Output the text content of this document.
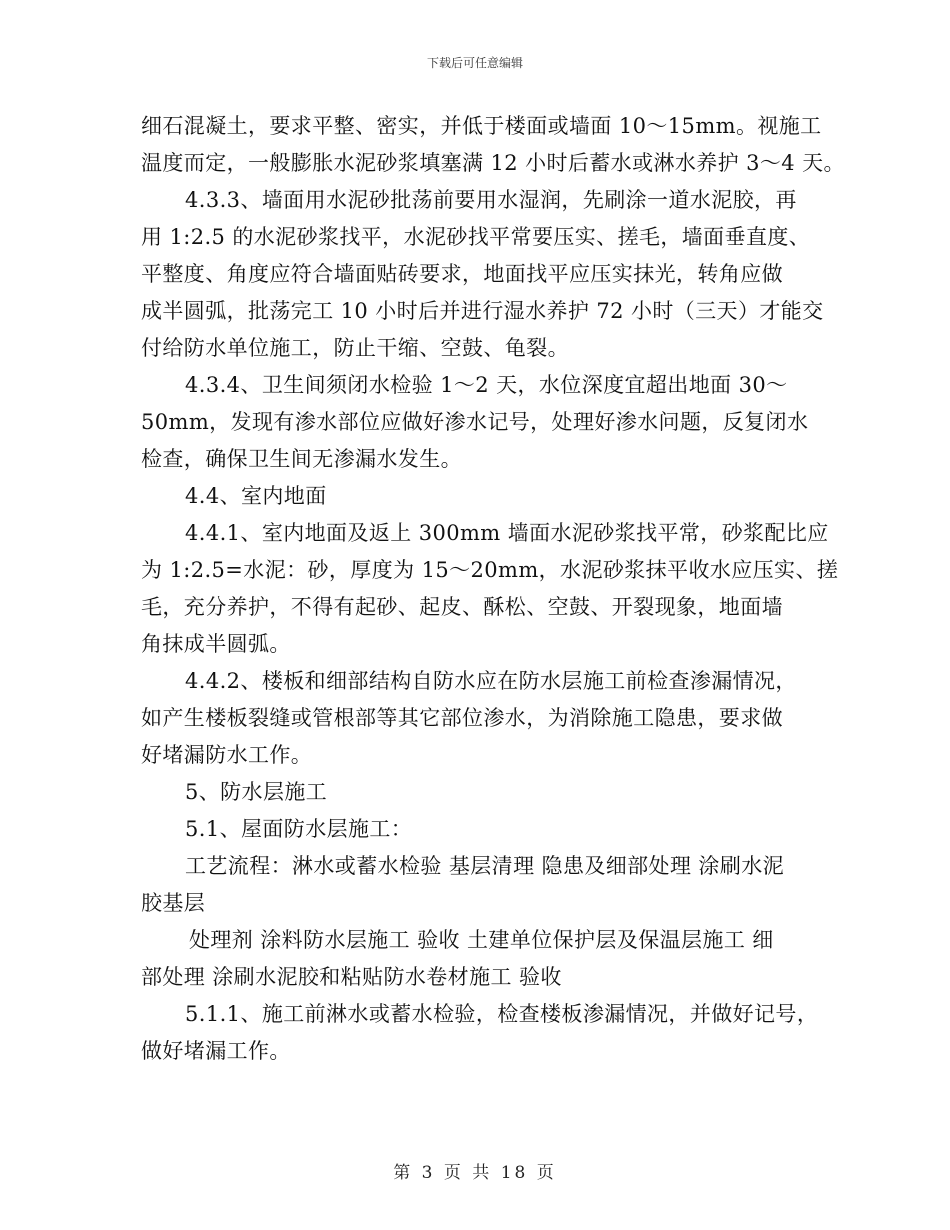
下载后可任意编辑
细石混凝土，要求平整、密实，并低于楼面或墙面 10～15mm。视施工
温度而定，一般膨胀水泥砂浆填塞满 12 小时后蓄水或淋水养护 3～4 天。
4.3.3、墙面用水泥砂批荡前要用水湿润，先刷涂一道水泥胶，再
用 1:2.5 的水泥砂浆找平，水泥砂找平常要压实、搓毛，墙面垂直度、
平整度、角度应符合墙面贴砖要求，地面找平应压实抹光，转角应做
成半圆弧，批荡完工 10 小时后并进行湿水养护 72 小时（三天）才能交
付给防水单位施工，防止干缩、空鼓、龟裂。
4.3.4、卫生间须闭水检验 1～2 天，水位深度宜超出地面 30～
50mm，发现有渗水部位应做好渗水记号，处理好渗水问题，反复闭水
检查，确保卫生间无渗漏水发生。
4.4、室内地面
4.4.1、室内地面及返上 300mm 墙面水泥砂浆找平常，砂浆配比应
为 1:2.5=水泥：砂，厚度为 15～20mm，水泥砂浆抹平收水应压实、搓
毛，充分养护，不得有起砂、起皮、酥松、空鼓、开裂现象，地面墙
角抹成半圆弧。
4.4.2、楼板和细部结构自防水应在防水层施工前检查渗漏情况，
如产生楼板裂缝或管根部等其它部位渗水，为消除施工隐患，要求做
好堵漏防水工作。
5、防水层施工
5.1、屋面防水层施工：
工艺流程：淋水或蓄水检验 基层清理 隐患及细部处理 涂刷水泥
胶基层
处理剂 涂料防水层施工 验收 土建单位保护层及保温层施工 细
部处理 涂刷水泥胶和粘贴防水卷材施工 验收
5.1.1、施工前淋水或蓄水检验，检查楼板渗漏情况，并做好记号，
做好堵漏工作。
第 3 页 共 18 页
